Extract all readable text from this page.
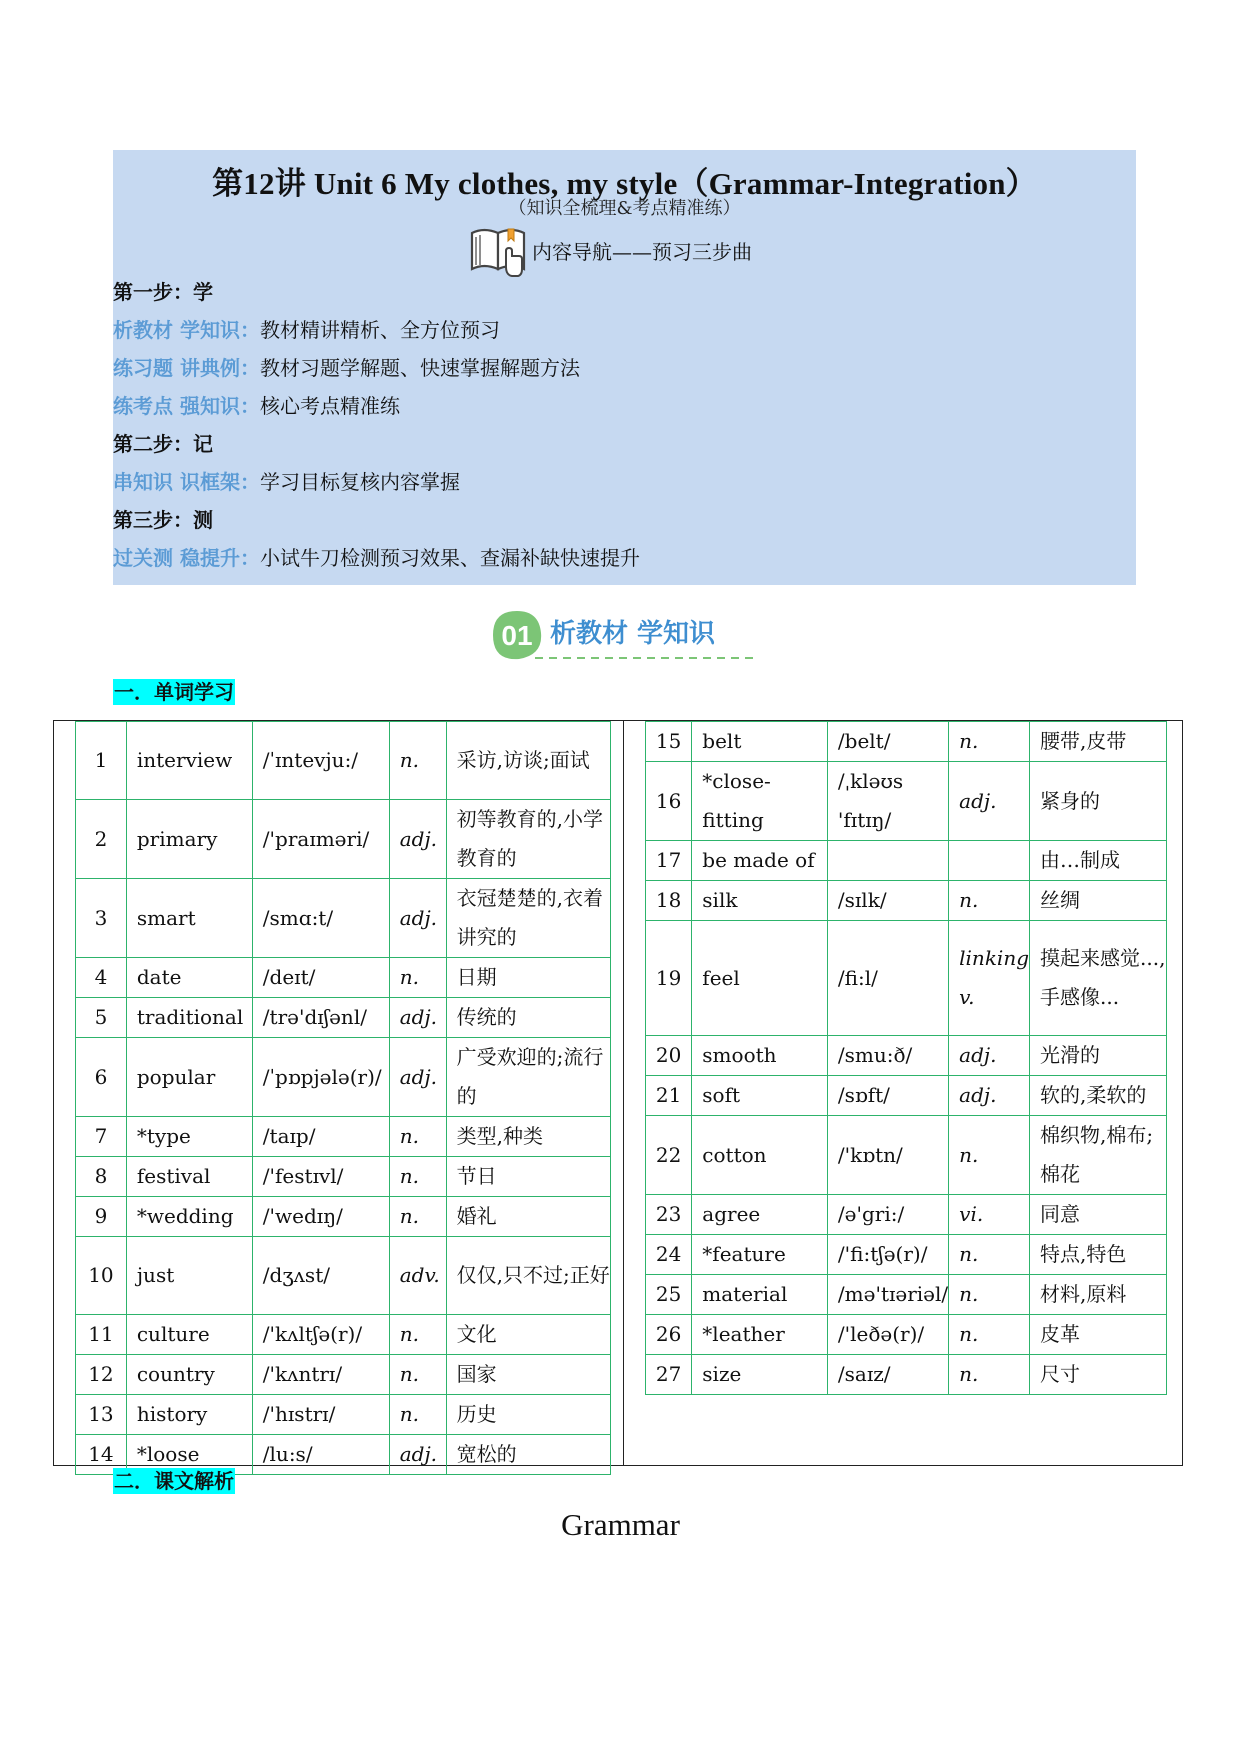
第12讲 Unit 6 My clothes, my style（Grammar-Integration）
（知识全梳理&考点精准练）
内容导航——预习三步曲
第一步：学
析教材 学知识：教材精讲精析、全方位预习
练习题 讲典例：教材习题学解题、快速掌握解题方法
练考点 强知识：核心考点精准练
第二步：记
串知识 识框架：学习目标复核内容掌握
第三步：测
过关测 稳提升：小试牛刀检测预习效果、查漏补缺快速提升
01 析教材 学知识
一．单词学习
1	interview	/ˈɪntevju:/	n.	采访,访谈;面试
2	primary	/'praɪməri/	adj.	初等教育的,小学教育的
3	smart	/smɑ:t/	adj.	衣冠楚楚的,衣着讲究的
4	date	/deɪt/	n.	日期
5	traditional	/trə'dɪʃənl/	adj.	传统的
6	popular	/ˈpɒpjələ(r)/	adj.	广受欢迎的;流行的
7	*type	/taɪp/	n.	类型,种类
8	festival	/'festɪvl/	n.	节日
9	*wedding	/'wedɪŋ/	n.	婚礼
10	just	/dʒʌst/	adv.	仅仅,只不过;正好
11	culture	/'kʌltʃə(r)/	n.	文化
12	country	/'kʌntrɪ/	n.	国家
13	history	/'hɪstrɪ/	n.	历史
14	*loose	/lu:s/	adj.	宽松的
15	belt	/belt/	n.	腰带,皮带
16	*close-fitting	/ˌkləʊs 'fɪtɪŋ/	adj.	紧身的
17	be made of			由…制成
18	silk	/sɪlk/	n.	丝绸
19	feel	/fi:l/	linking v.	摸起来感觉...,手感像...
20	smooth	/smu:ð/	adj.	光滑的
21	soft	/sɒft/	adj.	软的,柔软的
22	cotton	/'kɒtn/	n.	棉织物,棉布;棉花
23	agree	/ə'gri:/	vi.	同意
24	*feature	/'fi:tʃə(r)/	n.	特点,特色
25	material	/mə'tɪəriəl/	n.	材料,原料
26	*leather	/'leðə(r)/	n.	皮革
27	size	/saɪz/	n.	尺寸
二．课文解析
Grammar
